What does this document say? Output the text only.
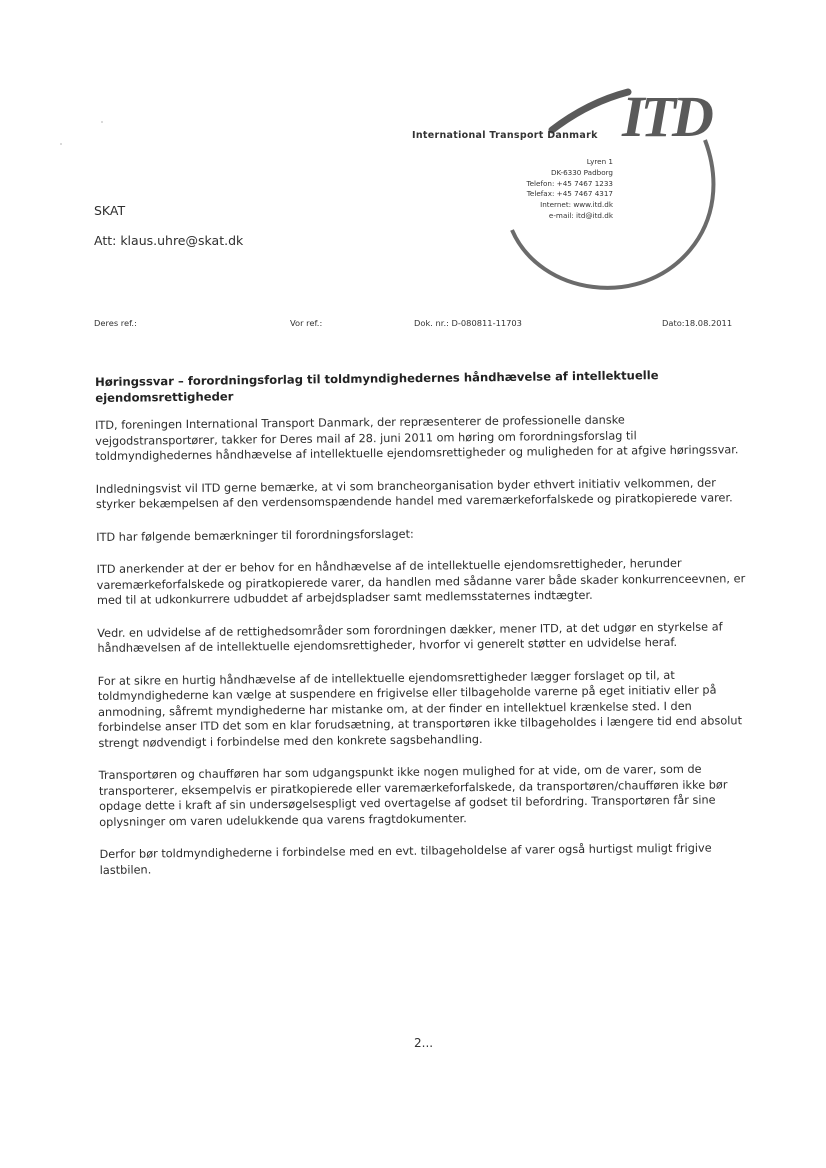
ITD
International Transport Danmark
Lyren 1
DK-6330 Padborg
Telefon: +45 7467 1233
Telefax: +45 7467 4317
Internet: www.itd.dk
e-mail: itd@itd.dk
SKAT
Att: klaus.uhre@skat.dk
Deres ref.:	Vor ref.:	Dok. nr.: D-080811-11703	Dato:18.08.2011
Høringssvar – forordningsforlag til toldmyndighedernes håndhævelse af intellektuelle ejendomsrettigheder

ITD, foreningen International Transport Danmark, der repræsenterer de professionelle danske vejgodstransportører, takker for Deres mail af 28. juni 2011 om høring om forordningsforslag til toldmyndighedernes håndhævelse af intellektuelle ejendomsrettigheder og muligheden for at afgive høringssvar.

Indledningsvist vil ITD gerne bemærke, at vi som brancheorganisation byder ethvert initiativ velkommen, der styrker bekæmpelsen af den verdensomspændende handel med varemærkeforfalskede og piratkopierede varer.

ITD har følgende bemærkninger til forordningsforslaget:

ITD anerkender at der er behov for en håndhævelse af de intellektuelle ejendomsrettigheder, herunder varemærkeforfalskede og piratkopierede varer, da handlen med sådanne varer både skader konkurrenceevnen, er med til at udkonkurrere udbuddet af arbejdspladser samt medlemsstaternes indtægter.

Vedr. en udvidelse af de rettighedsområder som forordningen dækker, mener ITD, at det udgør en styrkelse af håndhævelsen af de intellektuelle ejendomsrettigheder, hvorfor vi generelt støtter en udvidelse heraf.

For at sikre en hurtig håndhævelse af de intellektuelle ejendomsrettigheder lægger forslaget op til, at toldmyndighederne kan vælge at suspendere en frigivelse eller tilbageholde varerne på eget initiativ eller på anmodning, såfremt myndighederne har mistanke om, at der finder en intellektuel krænkelse sted. I den forbindelse anser ITD det som en klar forudsætning, at transportøren ikke tilbageholdes i længere tid end absolut strengt nødvendigt i forbindelse med den konkrete sagsbehandling.

Transportøren og chaufføren har som udgangspunkt ikke nogen mulighed for at vide, om de varer, som de transporterer, eksempelvis er piratkopierede eller varemærkeforfalskede, da transportøren/chaufføren ikke bør opdage dette i kraft af sin undersøgelsespligt ved overtagelse af godset til befordring. Transportøren får sine oplysninger om varen udelukkende qua varens fragtdokumenter.

Derfor bør toldmyndighederne i forbindelse med en evt. tilbageholdelse af varer også hurtigst muligt frigive lastbilen.

2...
